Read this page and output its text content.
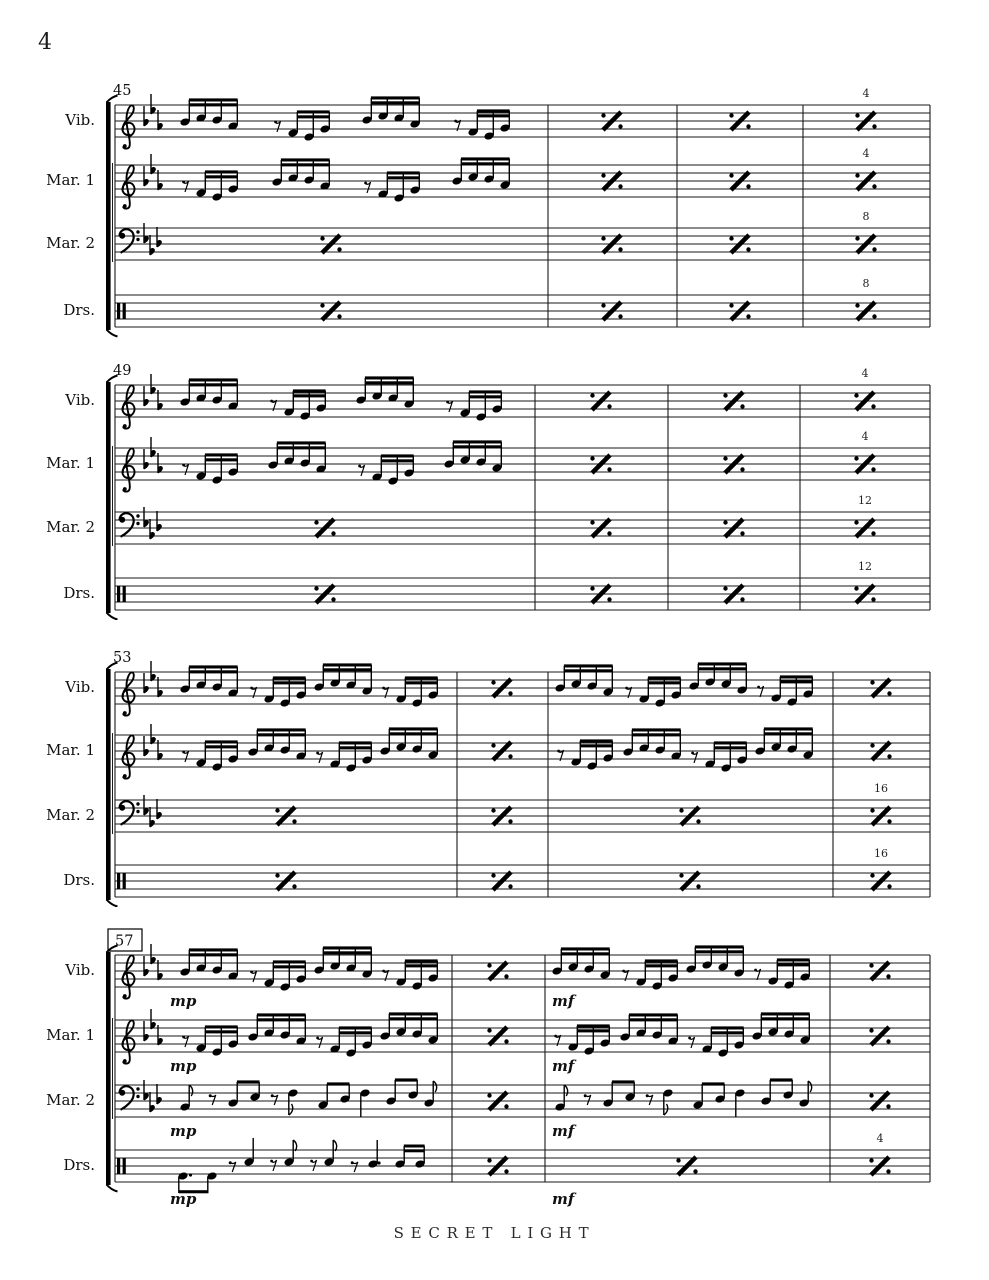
4
Vib.
Mar. 1
Mar. 2
Drs.
45	4
4
8
8
Vib.
Mar. 1
Mar. 2
Drs.
49	4
4
12
12
Vib.
Mar. 1
Mar. 2
Drs.
53
16
16
Vib.
Mar. 1
Mar. 2
Drs.
57
4
mp	mf
mp	mf
mp	mf
mp	mf
SECRET LIGHT
